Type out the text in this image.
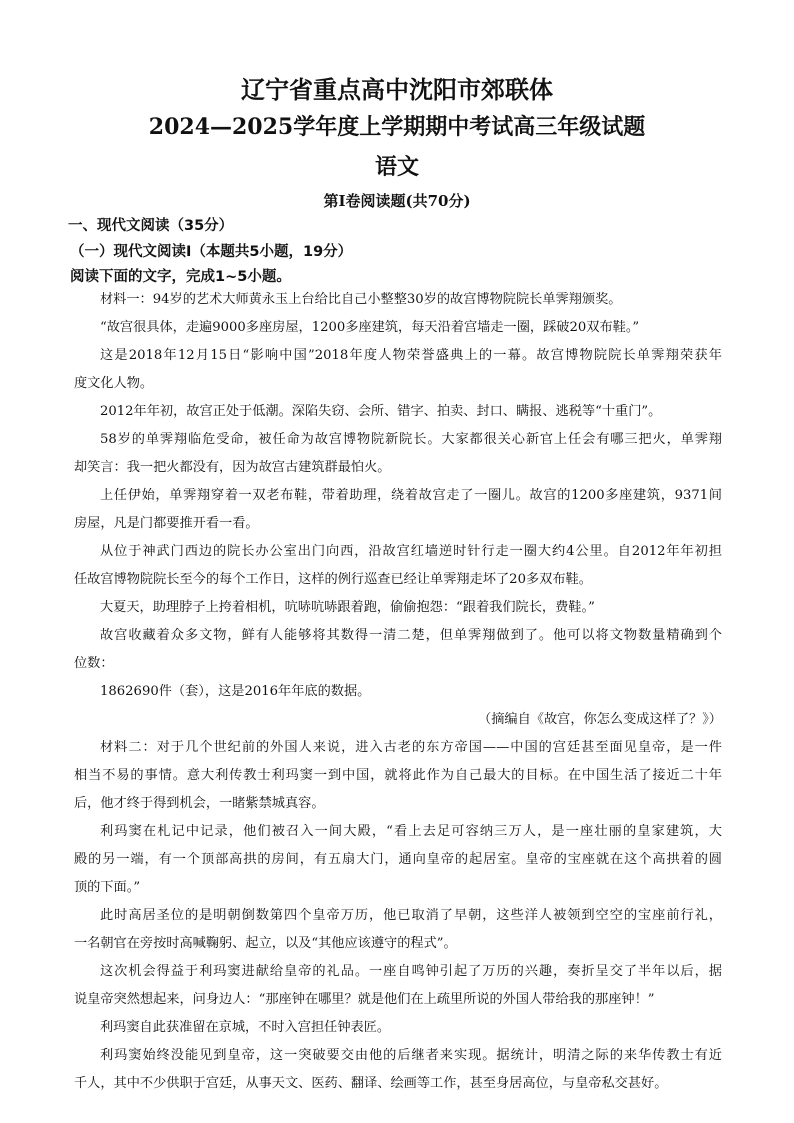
辽宁省重点高中沈阳市郊联体
2024—2025学年度上学期期中考试高三年级试题
语文
第I卷阅读题(共70分)
一、现代文阅读（35分）
（一）现代文阅读I（本题共5小题，19分）
阅读下面的文字，完成1~5小题。
材料一：94岁的艺术大师黄永玉上台给比自己小整整30岁的故宫博物院院长单霁翔颁奖。
“故宫很具体，走遍9000多座房屋，1200多座建筑，每天沿着宫墙走一圈，踩破20双布鞋。”
这是2018年12月15日“影响中国”2018年度人物荣誉盛典上的一幕。故宫博物院院长单霁翔荣获年
度文化人物。
2012年年初，故宫正处于低潮。深陷失窃、会所、错字、拍卖、封口、瞒报、逃税等“十重门”。
58岁的单霁翔临危受命，被任命为故宫博物院新院长。大家都很关心新官上任会有哪三把火，单霁翔
却笑言：我一把火都没有，因为故宫古建筑群最怕火。
上任伊始，单霁翔穿着一双老布鞋，带着助理，绕着故宫走了一圈儿。故宫的1200多座建筑，9371间
房屋，凡是门都要推开看一看。
从位于神武门西边的院长办公室出门向西，沿故宫红墙逆时针行走一圈大约4公里。自2012年年初担
任故宫博物院院长至今的每个工作日，这样的例行巡查已经让单霁翔走坏了20多双布鞋。
大夏天，助理脖子上挎着相机，吭哧吭哧跟着跑，偷偷抱怨：“跟着我们院长，费鞋。”
故宫收藏着众多文物，鲜有人能够将其数得一清二楚，但单霁翔做到了。他可以将文物数量精确到个
位数：
1862690件（套），这是2016年年底的数据。
（摘编自《故宫，你怎么变成这样了？》）
材料二：对于几个世纪前的外国人来说，进入古老的东方帝国——中国的宫廷甚至面见皇帝，是一件
相当不易的事情。意大利传教士利玛窦一到中国，就将此作为自己最大的目标。在中国生活了接近二十年
后，他才终于得到机会，一睹紫禁城真容。
利玛窦在札记中记录，他们被召入一间大殿，“看上去足可容纳三万人，是一座壮丽的皇家建筑，大
殿的另一端，有一个顶部高拱的房间，有五扇大门，通向皇帝的起居室。皇帝的宝座就在这个高拱着的圆
顶的下面。”
此时高居圣位的是明朝倒数第四个皇帝万历，他已取消了早朝，这些洋人被领到空空的宝座前行礼，
一名朝官在旁按时高喊鞠躬、起立，以及“其他应该遵守的程式”。
这次机会得益于利玛窦进献给皇帝的礼品。一座自鸣钟引起了万历的兴趣，奏折呈交了半年以后，据
说皇帝突然想起来，问身边人：“那座钟在哪里？就是他们在上疏里所说的外国人带给我的那座钟！”
利玛窦自此获准留在京城，不时入宫担任钟表匠。
利玛窦始终没能见到皇帝，这一突破要交由他的后继者来实现。据统计，明清之际的来华传教士有近
千人，其中不少供职于宫廷，从事天文、医药、翻译、绘画等工作，甚至身居高位，与皇帝私交甚好。
